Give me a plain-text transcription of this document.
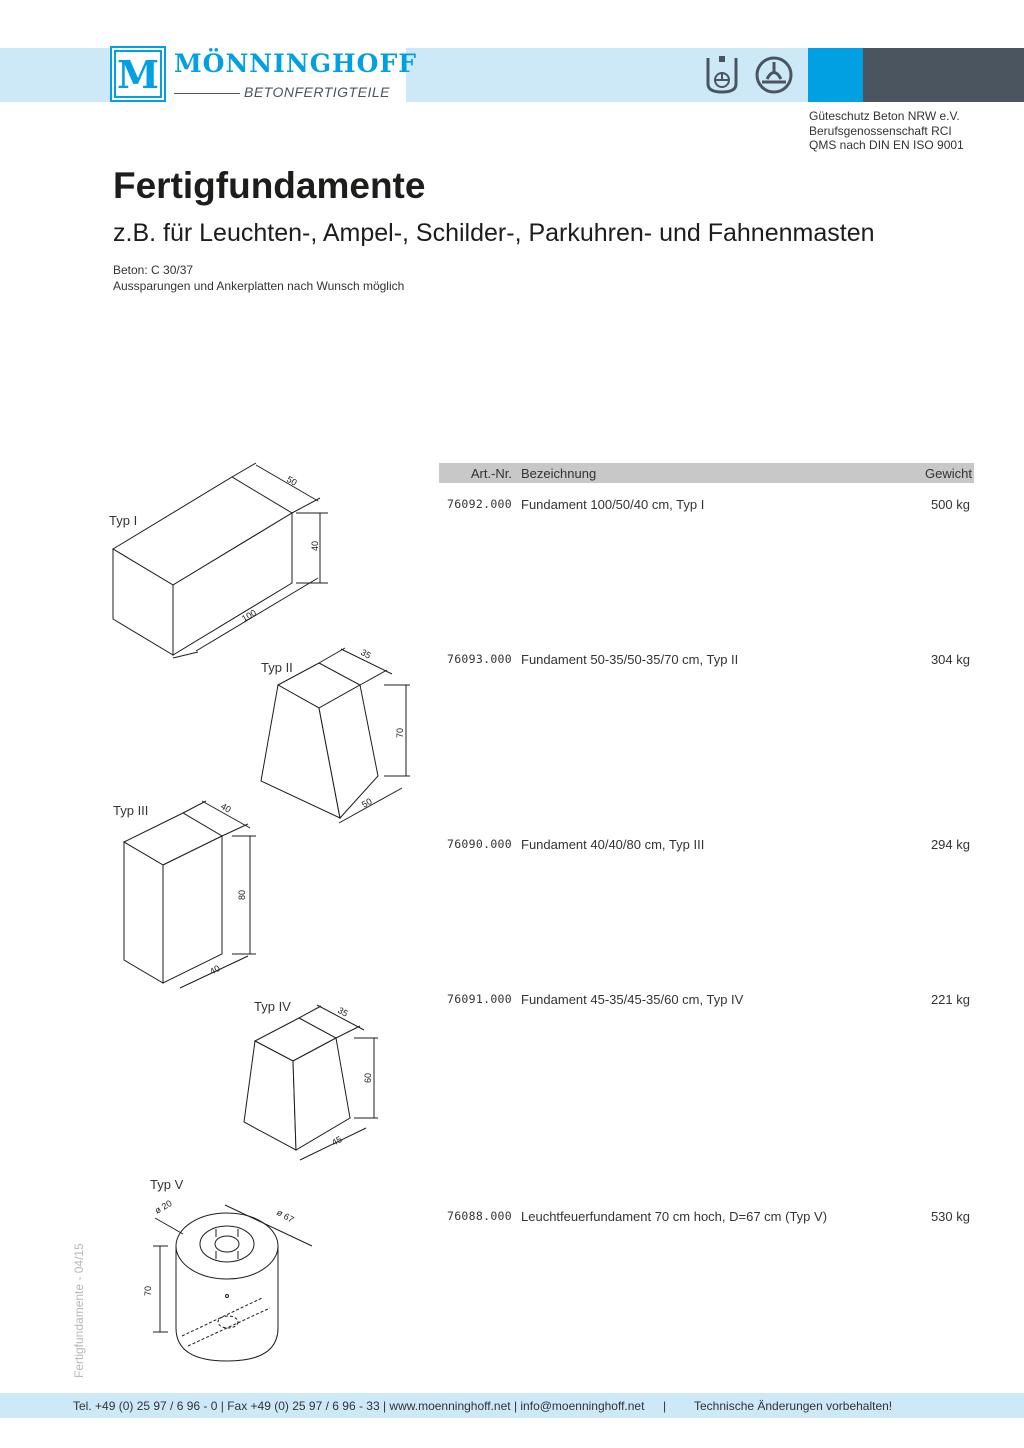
M MÖNNINGHOFF
BETONFERTIGTEILE
Güteschutz Beton NRW e.V.
Berufsgenossenschaft RCI
QMS nach DIN EN ISO 9001
Fertigfundamente
z.B. für Leuchten-, Ampel-, Schilder-, Parkuhren- und Fahnenmasten
Beton: C 30/37
Aussparungen und Ankerplatten nach Wunsch möglich
Fertigfundamente - 04/15
Typ I
50
40
100
Typ II
35
70
50
Typ III	40
80
40
Typ IV	35
60
45
Typ V
ø 20
ø 67
70
Art.-Nr. Bezeichnung	Gewicht
76092.000 Fundament 100/50/40 cm, Typ I	500 kg
76093.000 Fundament 50-35/50-35/70 cm, Typ II	304 kg
76090.000 Fundament 40/40/80 cm, Typ III	294 kg
76091.000 Fundament 45-35/45-35/60 cm, Typ IV	221 kg
76088.000 Leuchtfeuerfundament 70 cm hoch, D=67 cm (Typ V)	530 kg
Tel. +49 (0) 25 97 / 6 96 - 0 | Fax +49 (0) 25 97 / 6 96 - 33 | www.moenninghoff.net | info@moenninghoff.net | Technische Änderungen vorbehalten!
